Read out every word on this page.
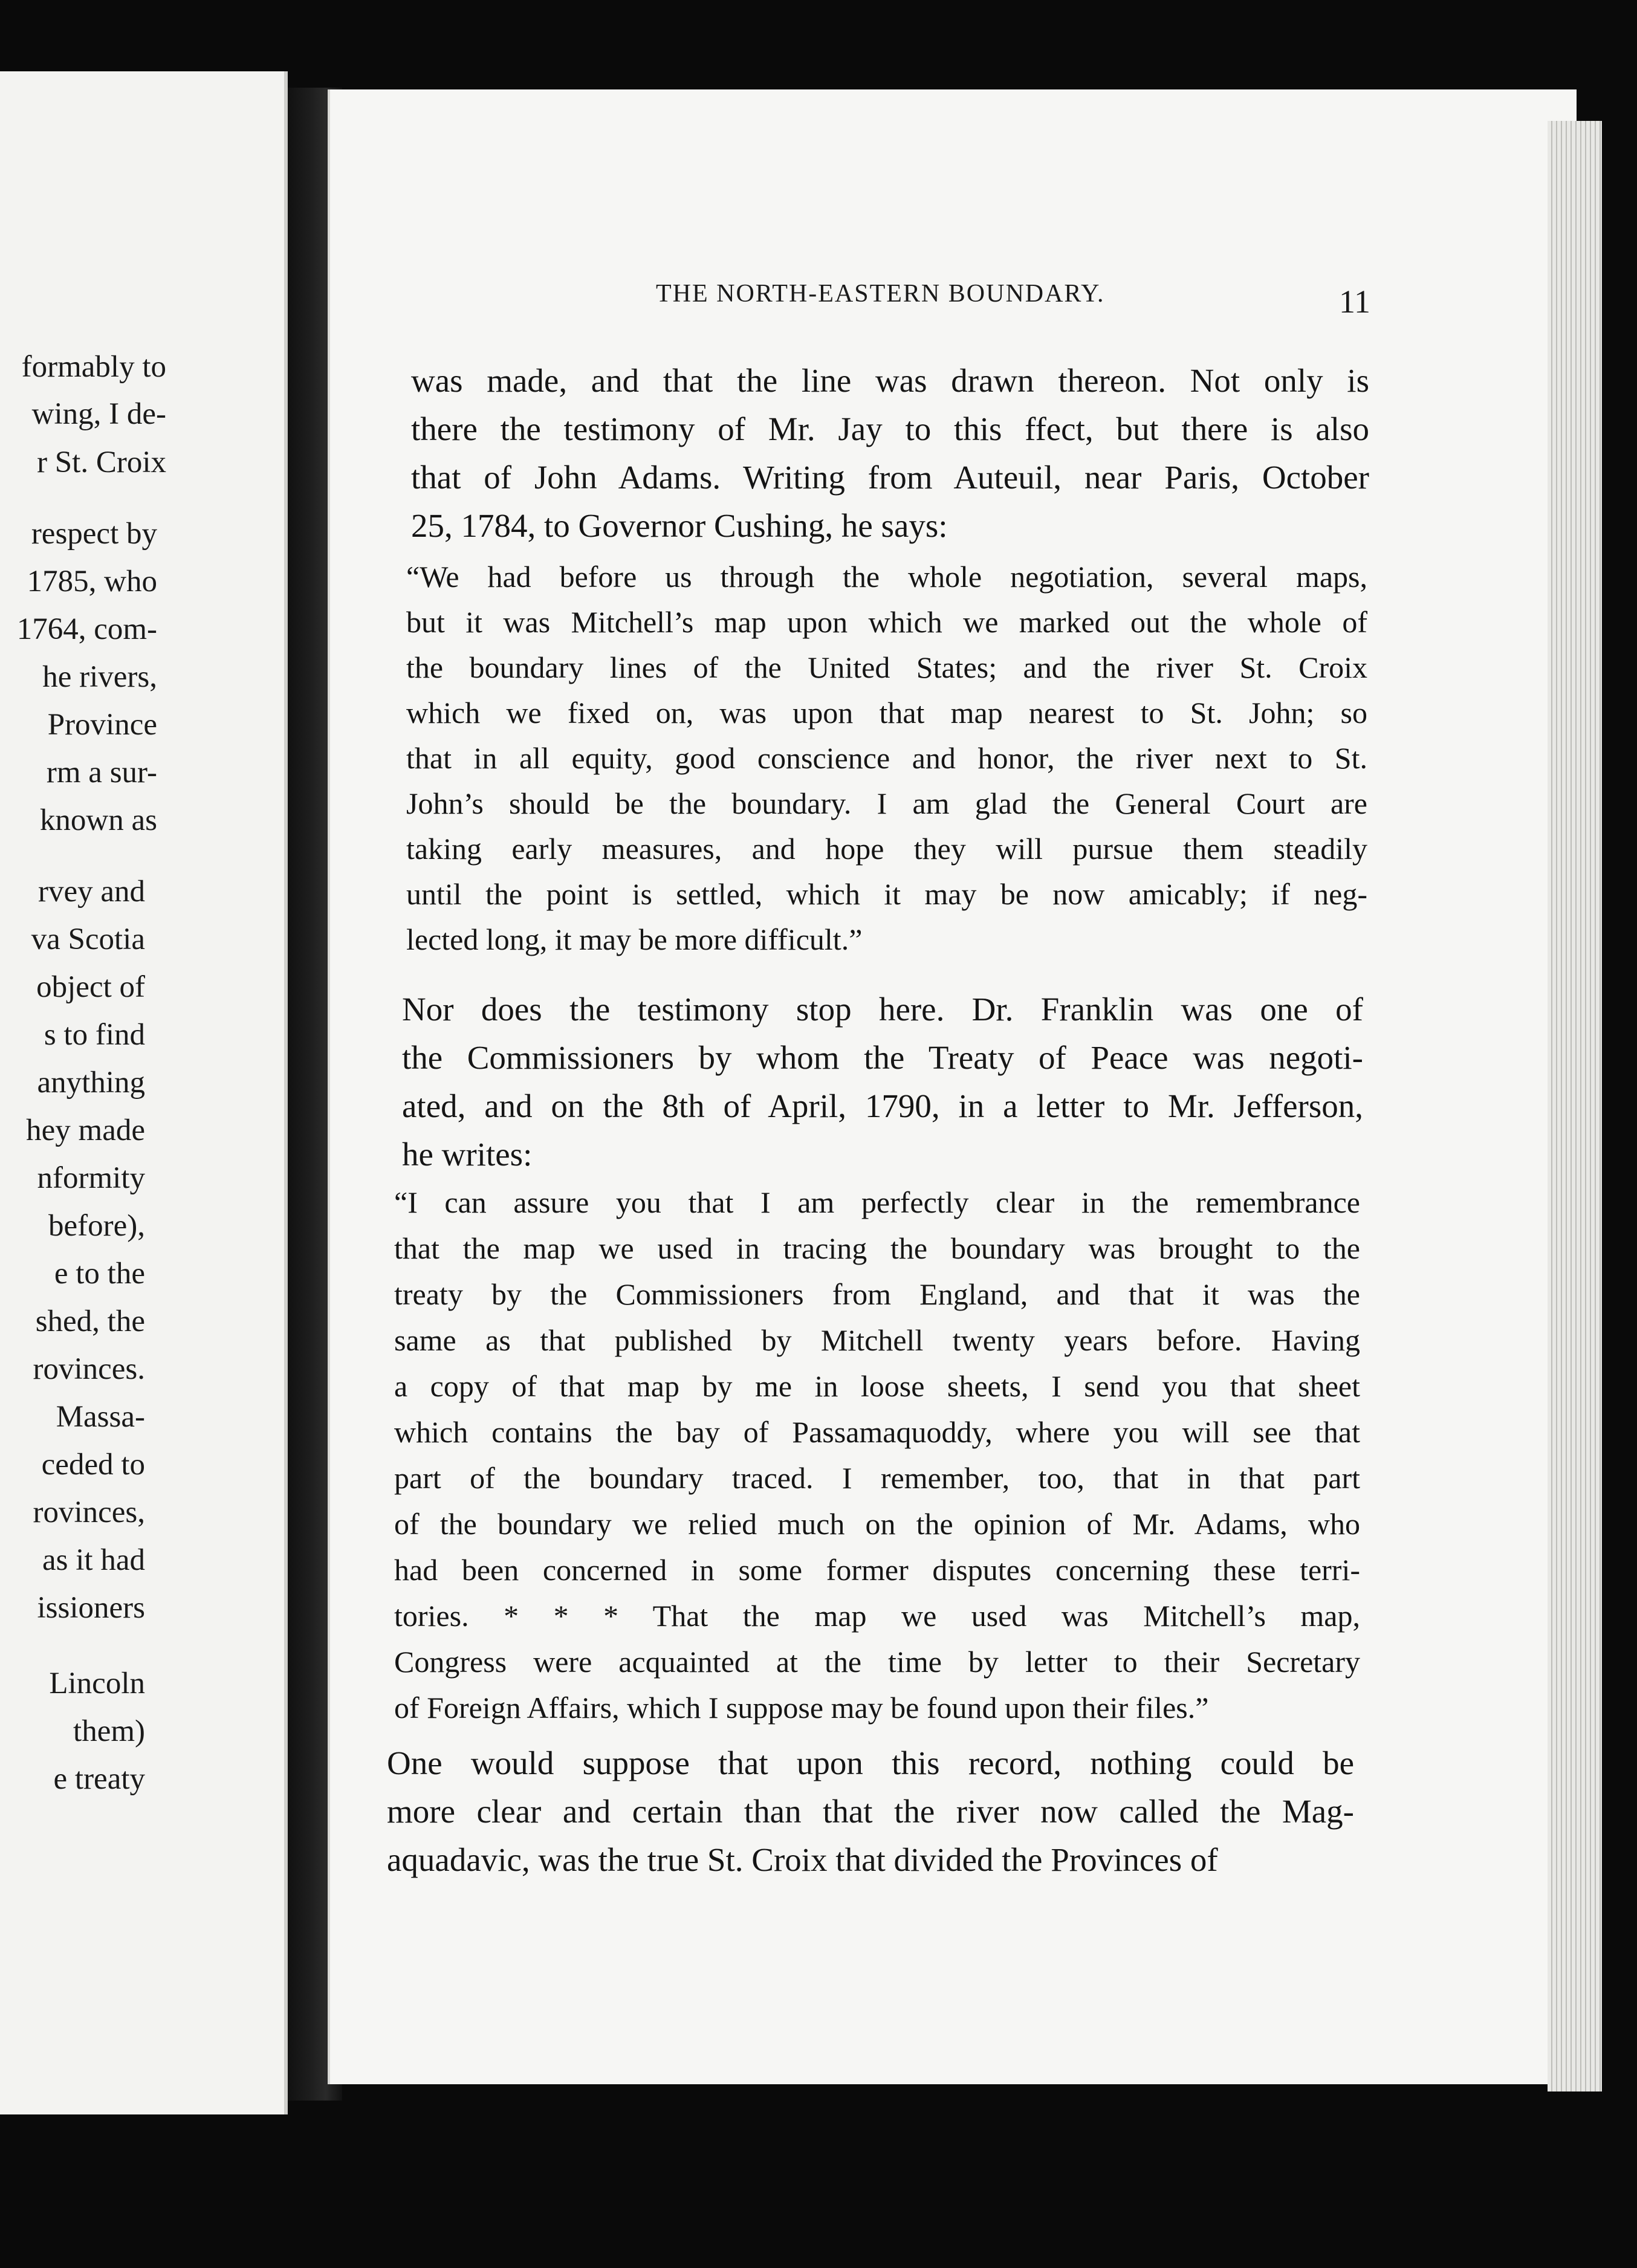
formably to
wing, I de-
r St. Croix
respect by
1785, who
1764, com-
he rivers,
Province
rm a sur-
known as
rvey and
va Scotia
object of
s to find
anything
hey made
nformity
before),
e to the
shed, the
rovinces.
Massa-
ceded to
rovinces,
as it had
issioners
Lincoln
them)
e treaty
THE NORTH-EASTERN BOUNDARY.	11
was made, and that the line was drawn thereon. Not only is
there the testimony of Mr. Jay to this ffect, but there is also
that of John Adams. Writing from Auteuil, near Paris, October
25, 1784, to Governor Cushing, he says:
“We had before us through the whole negotiation, several maps,
but it was Mitchell’s map upon which we marked out the whole of
the boundary lines of the United States; and the river St. Croix
which we fixed on, was upon that map nearest to St. John; so
that in all equity, good conscience and honor, the river next to St.
John’s should be the boundary. I am glad the General Court are
taking early measures, and hope they will pursue them steadily
until the point is settled, which it may be now amicably; if neg-
lected long, it may be more difficult.”
Nor does the testimony stop here. Dr. Franklin was one of
the Commissioners by whom the Treaty of Peace was negoti-
ated, and on the 8th of April, 1790, in a letter to Mr. Jefferson,
he writes:
“I can assure you that I am perfectly clear in the remembrance
that the map we used in tracing the boundary was brought to the
treaty by the Commissioners from England, and that it was the
same as that published by Mitchell twenty years before. Having
a copy of that map by me in loose sheets, I send you that sheet
which contains the bay of Passamaquoddy, where you will see that
part of the boundary traced. I remember, too, that in that part
of the boundary we relied much on the opinion of Mr. Adams, who
had been concerned in some former disputes concerning these terri-
tories. * * * That the map we used was Mitchell’s map,
Congress were acquainted at the time by letter to their Secretary
of Foreign Affairs, which I suppose may be found upon their files.”
One would suppose that upon this record, nothing could be
more clear and certain than that the river now called the Mag-
aquadavic, was the true St. Croix that divided the Provinces of
